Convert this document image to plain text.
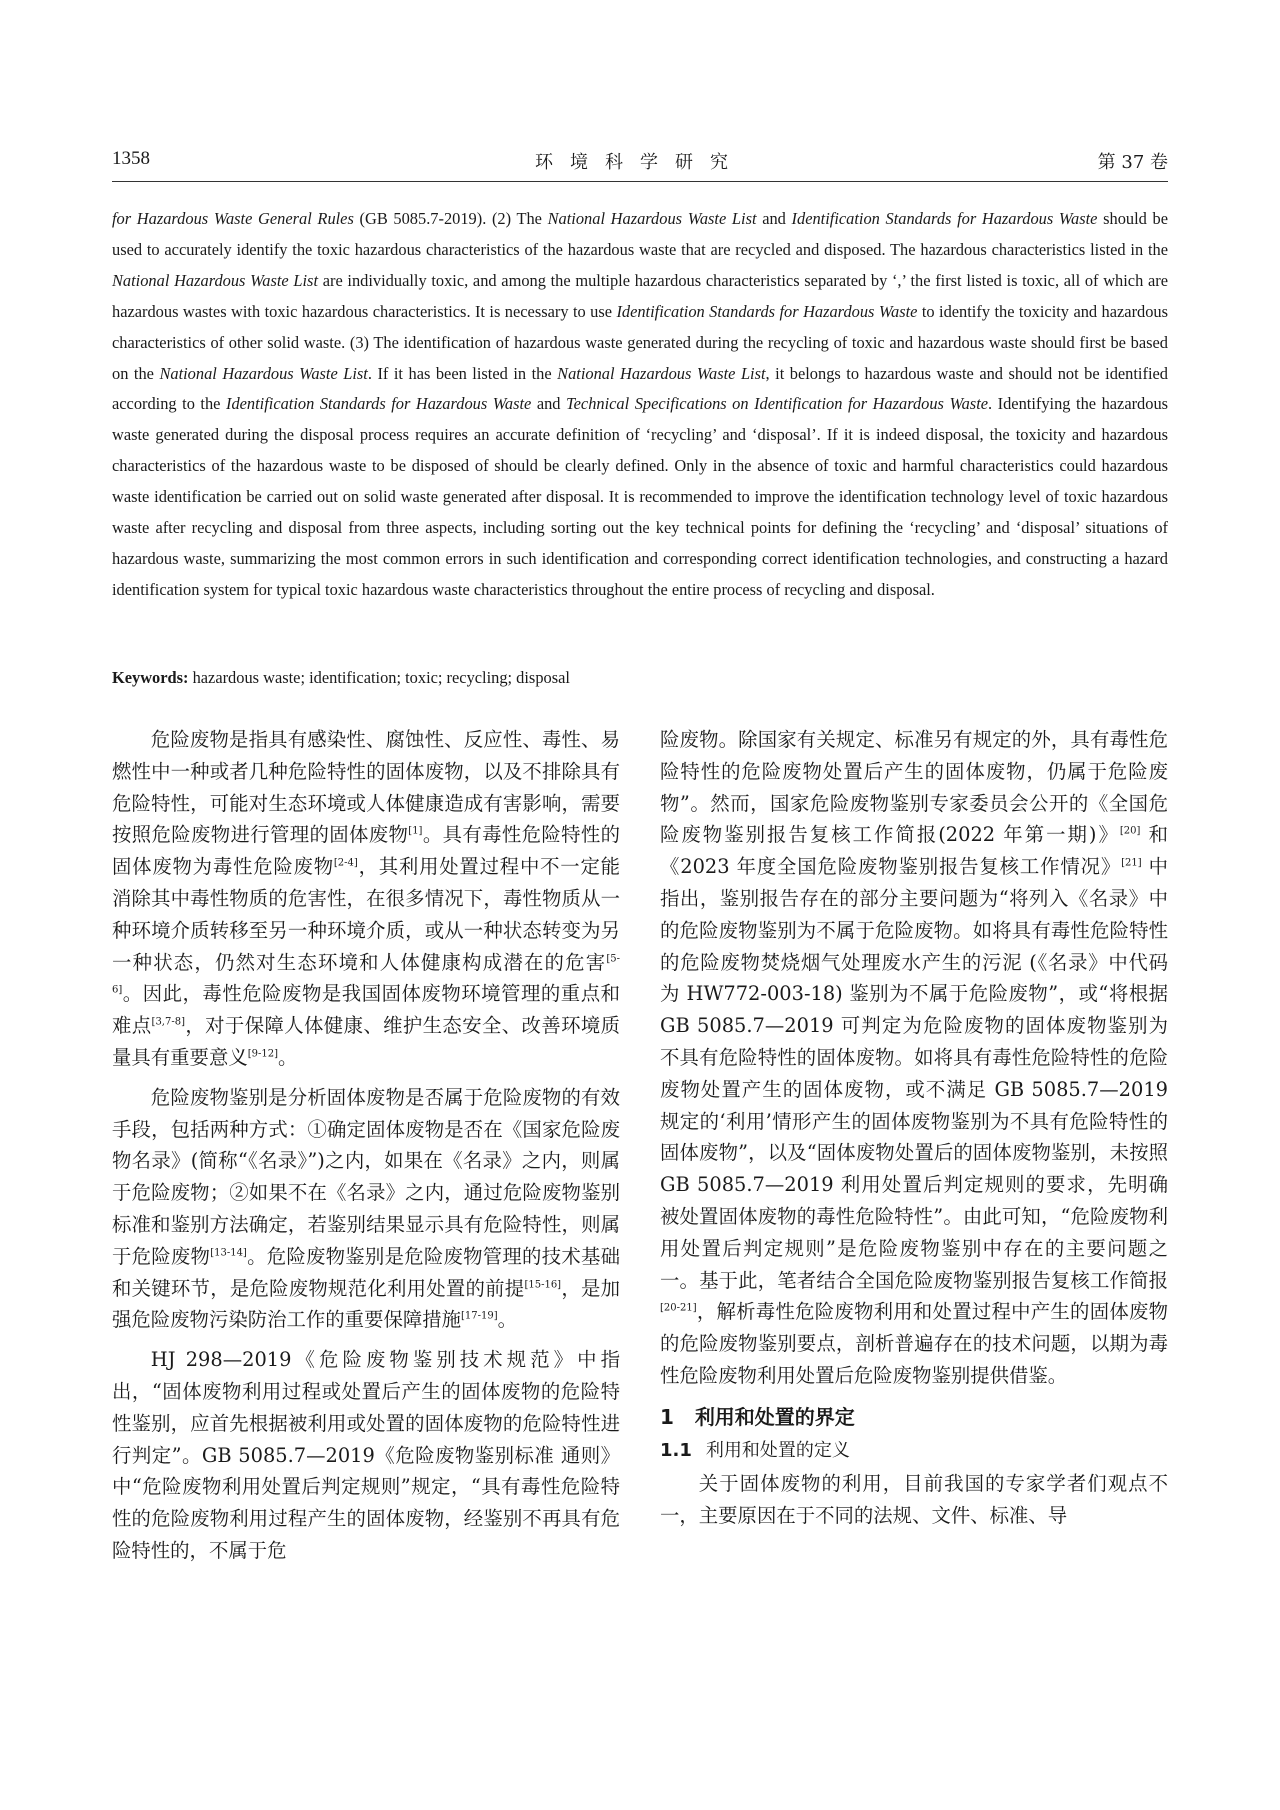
1358	环境科学研究	第 37 卷
for Hazardous Waste General Rules (GB 5085.7-2019). (2) The National Hazardous Waste List and Identification Standards for Hazardous Waste should be used to accurately identify the toxic hazardous characteristics of the hazardous waste that are recycled and disposed. The hazardous characteristics listed in the National Hazardous Waste List are individually toxic, and among the multiple hazardous characteristics separated by ‘,’ the first listed is toxic, all of which are hazardous wastes with toxic hazardous characteristics. It is necessary to use Identification Standards for Hazardous Waste to identify the toxicity and hazardous characteristics of other solid waste. (3) The identification of hazardous waste generated during the recycling of toxic and hazardous waste should first be based on the National Hazardous Waste List. If it has been listed in the National Hazardous Waste List, it belongs to hazardous waste and should not be identified according to the Identification Standards for Hazardous Waste and Technical Specifications on Identification for Hazardous Waste. Identifying the hazardous waste generated during the disposal process requires an accurate definition of ‘recycling’ and ‘disposal’. If it is indeed disposal, the toxicity and hazardous characteristics of the hazardous waste to be disposed of should be clearly defined. Only in the absence of toxic and harmful characteristics could hazardous waste identification be carried out on solid waste generated after disposal. It is recommended to improve the identification technology level of toxic hazardous waste after recycling and disposal from three aspects, including sorting out the key technical points for defining the ‘recycling’ and ‘disposal’ situations of hazardous waste, summarizing the most common errors in such identification and corresponding correct identification technologies, and constructing a hazard identification system for typical toxic hazardous waste characteristics throughout the entire process of recycling and disposal.
Keywords: hazardous waste; identification; toxic; recycling; disposal

危险废物是指具有感染性、腐蚀性、反应性、毒性、易燃性中一种或者几种危险特性的固体废物，以及不排除具有危险特性，可能对生态环境或人体健康造成有害影响，需要按照危险废物进行管理的固体废物[1]。具有毒性危险特性的固体废物为毒性危险废物[2-4]，其利用处置过程中不一定能消除其中毒性物质的危害性，在很多情况下，毒性物质从一种环境介质转移至另一种环境介质，或从一种状态转变为另一种状态，仍然对生态环境和人体健康构成潜在的危害[5-6]。因此，毒性危险废物是我国固体废物环境管理的重点和难点[3,7-8]，对于保障人体健康、维护生态安全、改善环境质量具有重要意义[9-12]。

危险废物鉴别是分析固体废物是否属于危险废物的有效手段，包括两种方式：①确定固体废物是否在《国家危险废物名录》(简称“《名录》”)之内，如果在《名录》之内，则属于危险废物；②如果不在《名录》之内，通过危险废物鉴别标准和鉴别方法确定，若鉴别结果显示具有危险特性，则属于危险废物[13-14]。危险废物鉴别是危险废物管理的技术基础和关键环节，是危险废物规范化利用处置的前提[15-16]，是加强危险废物污染防治工作的重要保障措施[17-19]。

HJ 298—2019《危险废物鉴别技术规范》中指出，“固体废物利用过程或处置后产生的固体废物的危险特性鉴别，应首先根据被利用或处置的固体废物的危险特性进行判定”。GB 5085.7—2019《危险废物鉴别标准 通则》中“危险废物利用处置后判定规则”规定，“具有毒性危险特性的危险废物利用过程产生的固体废物，经鉴别不再具有危险特性的，不属于危

险废物。除国家有关规定、标准另有规定的外，具有毒性危险特性的危险废物处置后产生的固体废物，仍属于危险废物”。然而，国家危险废物鉴别专家委员会公开的《全国危险废物鉴别报告复核工作简报(2022 年第一期)》[20] 和《2023 年度全国危险废物鉴别报告复核工作情况》[21] 中指出，鉴别报告存在的部分主要问题为“将列入《名录》中的危险废物鉴别为不属于危险废物。如将具有毒性危险特性的危险废物焚烧烟气处理废水产生的污泥 (《名录》中代码为 HW772-003-18) 鉴别为不属于危险废物”，或“将根据 GB 5085.7—2019 可判定为危险废物的固体废物鉴别为不具有危险特性的固体废物。如将具有毒性危险特性的危险废物处置产生的固体废物，或不满足 GB 5085.7—2019 规定的‘利用’情形产生的固体废物鉴别为不具有危险特性的固体废物”，以及“固体废物处置后的固体废物鉴别，未按照 GB 5085.7—2019 利用处置后判定规则的要求，先明确被处置固体废物的毒性危险特性”。由此可知，“危险废物利用处置后判定规则”是危险废物鉴别中存在的主要问题之一。基于此，笔者结合全国危险废物鉴别报告复核工作简报[20-21]，解析毒性危险废物利用和处置过程中产生的固体废物的危险废物鉴别要点，剖析普遍存在的技术问题，以期为毒性危险废物利用处置后危险废物鉴别提供借鉴。

1 利用和处置的界定
1.1 利用和处置的定义

关于固体废物的利用，目前我国的专家学者们观点不一，主要原因在于不同的法规、文件、标准、导
